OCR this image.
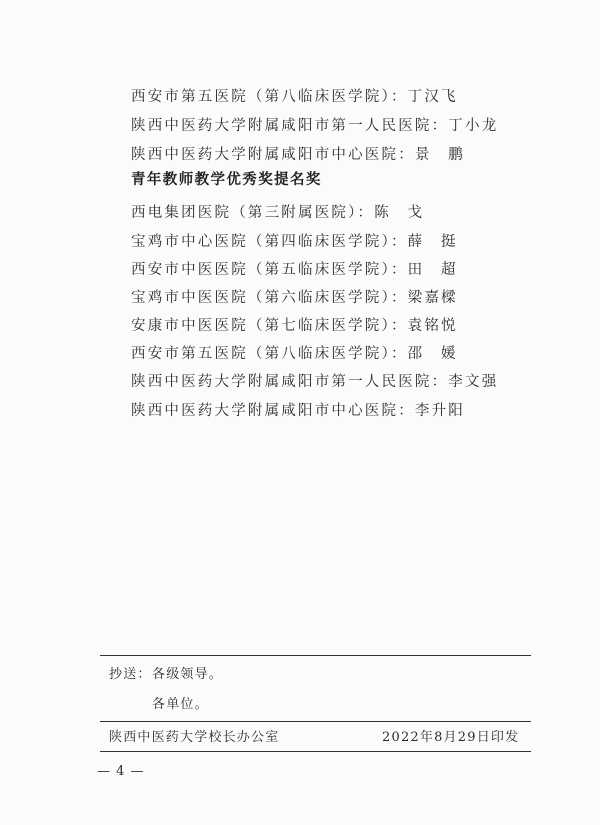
西安市第五医院（第八临床医学院）：丁汉飞
陕西中医药大学附属咸阳市第一人民医院：丁小龙
陕西中医药大学附属咸阳市中心医院：景　鹏
青年教师教学优秀奖提名奖
西电集团医院（第三附属医院）：陈　戈
宝鸡市中心医院（第四临床医学院）：薛　挺
西安市中医医院（第五临床医学院）：田　超
宝鸡市中医医院（第六临床医学院）：梁嘉樑
安康市中医医院（第七临床医学院）：袁铭悦
西安市第五医院（第八临床医学院）：邵　媛
陕西中医药大学附属咸阳市第一人民医院：李文强
陕西中医药大学附属咸阳市中心医院：李升阳
抄送： 各级领导。
各单位。
陕西中医药大学校长办公室	2022年8月29日印发
— 4 —
